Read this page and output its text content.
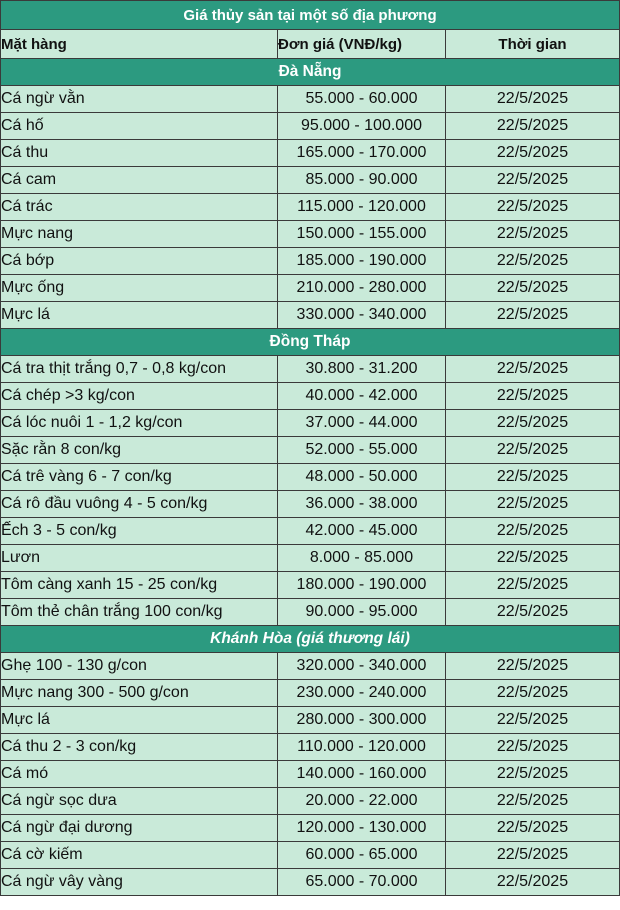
Giá thủy sản tại một số địa phương		
Mặt hàng	Đơn giá (VNĐ/kg)	Thời gian
Đà Nẵng		
Cá ngừ vằn	55.000 - 60.000	22/5/2025
Cá hố	95.000 - 100.000	22/5/2025
Cá thu	165.000 - 170.000	22/5/2025
Cá cam	85.000 - 90.000	22/5/2025
Cá trác	115.000 - 120.000	22/5/2025
Mực nang	150.000 - 155.000	22/5/2025
Cá bớp	185.000 - 190.000	22/5/2025
Mực ống	210.000 - 280.000	22/5/2025
Mực lá	330.000 - 340.000	22/5/2025
Đồng Tháp		
Cá tra thịt trắng 0,7 - 0,8 kg/con	30.800 - 31.200	22/5/2025
Cá chép >3 kg/con	40.000 - 42.000	22/5/2025
Cá lóc nuôi 1 - 1,2 kg/con	37.000 - 44.000	22/5/2025
Sặc rằn 8 con/kg	52.000 - 55.000	22/5/2025
Cá trê vàng 6 - 7 con/kg	48.000 - 50.000	22/5/2025
Cá rô đầu vuông 4 - 5 con/kg	36.000 - 38.000	22/5/2025
Ếch 3 - 5 con/kg	42.000 - 45.000	22/5/2025
Lươn	8.000 - 85.000	22/5/2025
Tôm càng xanh 15 - 25 con/kg	180.000 - 190.000	22/5/2025
Tôm thẻ chân trắng 100 con/kg	90.000 - 95.000	22/5/2025
Khánh Hòa (giá thương lái)		
Ghẹ 100 - 130 g/con	320.000 - 340.000	22/5/2025
Mực nang 300 - 500 g/con	230.000 - 240.000	22/5/2025
Mực lá	280.000 - 300.000	22/5/2025
Cá thu 2 - 3 con/kg	110.000 - 120.000	22/5/2025
Cá mó	140.000 - 160.000	22/5/2025
Cá ngừ sọc dưa	20.000 - 22.000	22/5/2025
Cá ngừ đại dương	120.000 - 130.000	22/5/2025
Cá cờ kiếm	60.000 - 65.000	22/5/2025
Cá ngừ vây vàng	65.000 - 70.000	22/5/2025
